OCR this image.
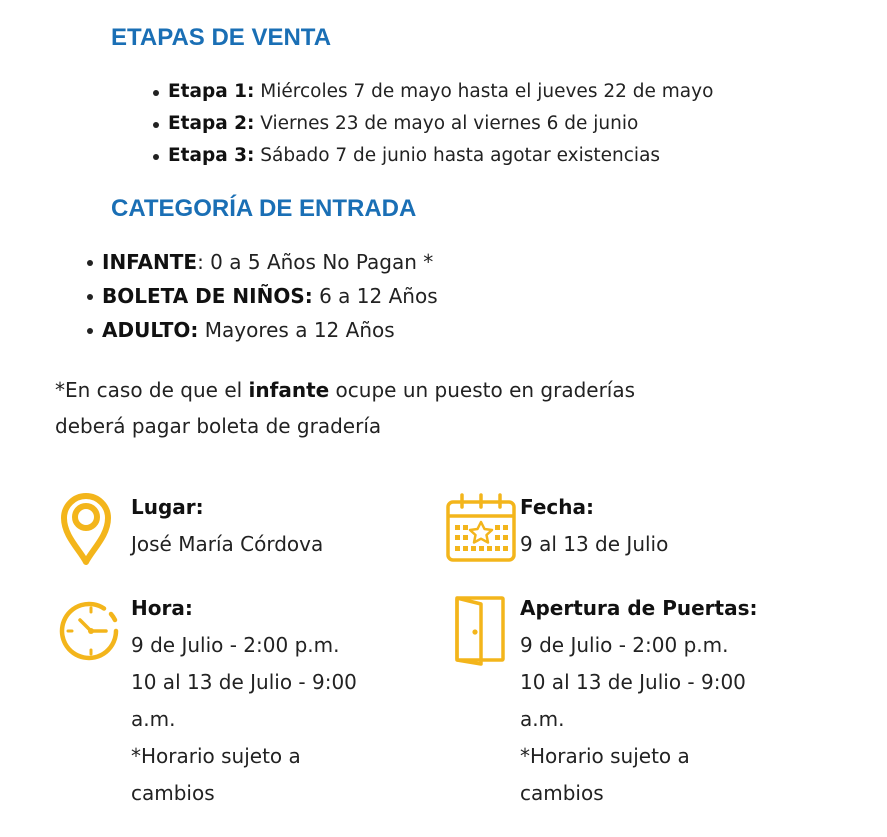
ETAPAS DE VENTA
Etapa 1: Miércoles 7 de mayo hasta el jueves 22 de mayo
Etapa 2: Viernes 23 de mayo al viernes 6 de junio
Etapa 3: Sábado 7 de junio hasta agotar existencias
CATEGORÍA DE ENTRADA
INFANTE: 0 a 5 Años No Pagan *
BOLETA DE NIÑOS: 6 a 12 Años
ADULTO: Mayores a 12 Años
*En caso de que el infante ocupe un puesto en graderías
deberá pagar boleta de gradería
Lugar:
José María Córdova
Fecha:
9 al 13 de Julio
Hora:
9 de Julio - 2:00 p.m.
10 al 13 de Julio - 9:00
a.m.
*Horario sujeto a
cambios
Apertura de Puertas:
9 de Julio - 2:00 p.m.
10 al 13 de Julio - 9:00
a.m.
*Horario sujeto a
cambios
